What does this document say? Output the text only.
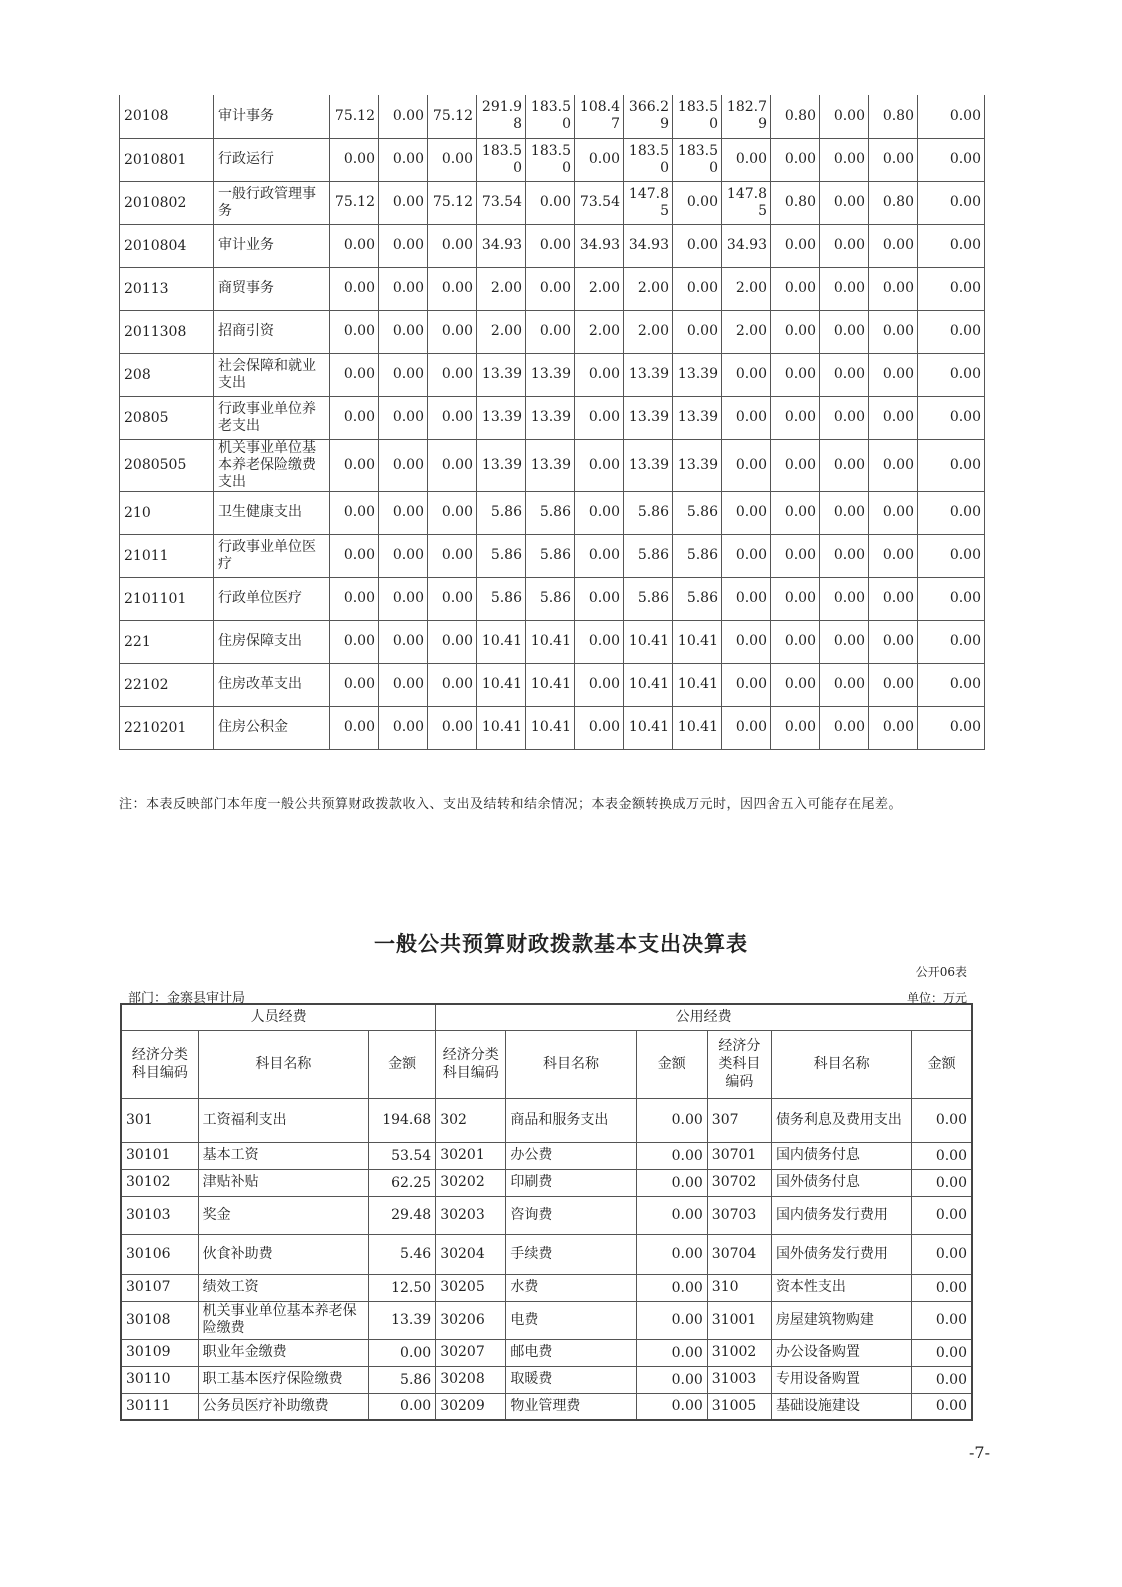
20108	审计事务	75.12	0.00	75.12	291.98	183.50	108.47	366.29	183.50	182.79	0.80	0.00	0.80	0.00
2010801	行政运行	0.00	0.00	0.00	183.50	183.50	0.00	183.50	183.50	0.00	0.00	0.00	0.00	0.00
2010802	一般行政管理事务	75.12	0.00	75.12	73.54	0.00	73.54	147.85	0.00	147.85	0.80	0.00	0.80	0.00
2010804	审计业务	0.00	0.00	0.00	34.93	0.00	34.93	34.93	0.00	34.93	0.00	0.00	0.00	0.00
20113	商贸事务	0.00	0.00	0.00	2.00	0.00	2.00	2.00	0.00	2.00	0.00	0.00	0.00	0.00
2011308	招商引资	0.00	0.00	0.00	2.00	0.00	2.00	2.00	0.00	2.00	0.00	0.00	0.00	0.00
208	社会保障和就业支出	0.00	0.00	0.00	13.39	13.39	0.00	13.39	13.39	0.00	0.00	0.00	0.00	0.00
20805	行政事业单位养老支出	0.00	0.00	0.00	13.39	13.39	0.00	13.39	13.39	0.00	0.00	0.00	0.00	0.00
2080505	机关事业单位基本养老保险缴费支出	0.00	0.00	0.00	13.39	13.39	0.00	13.39	13.39	0.00	0.00	0.00	0.00	0.00
210	卫生健康支出	0.00	0.00	0.00	5.86	5.86	0.00	5.86	5.86	0.00	0.00	0.00	0.00	0.00
21011	行政事业单位医疗	0.00	0.00	0.00	5.86	5.86	0.00	5.86	5.86	0.00	0.00	0.00	0.00	0.00
2101101	行政单位医疗	0.00	0.00	0.00	5.86	5.86	0.00	5.86	5.86	0.00	0.00	0.00	0.00	0.00
221	住房保障支出	0.00	0.00	0.00	10.41	10.41	0.00	10.41	10.41	0.00	0.00	0.00	0.00	0.00
22102	住房改革支出	0.00	0.00	0.00	10.41	10.41	0.00	10.41	10.41	0.00	0.00	0.00	0.00	0.00
2210201	住房公积金	0.00	0.00	0.00	10.41	10.41	0.00	10.41	10.41	0.00	0.00	0.00	0.00	0.00
注：本表反映部门本年度一般公共预算财政拨款收入、支出及结转和结余情况；本表金额转换成万元时，因四舍五入可能存在尾差。
一般公共预算财政拨款基本支出决算表
公开06表
部门：金寨县审计局	单位：万元
人员经费			公用经费					
经济分类科目编码	科目名称	金额	经济分类科目编码	科目名称	金额	经济分类科目编码	科目名称	金额
301	工资福利支出	194.68	302	商品和服务支出	0.00	307	债务利息及费用支出	0.00
30101	基本工资	53.54	30201	办公费	0.00	30701	国内债务付息	0.00
30102	津贴补贴	62.25	30202	印刷费	0.00	30702	国外债务付息	0.00
30103	奖金	29.48	30203	咨询费	0.00	30703	国内债务发行费用	0.00
30106	伙食补助费	5.46	30204	手续费	0.00	30704	国外债务发行费用	0.00
30107	绩效工资	12.50	30205	水费	0.00	310	资本性支出	0.00
30108	机关事业单位基本养老保险缴费	13.39	30206	电费	0.00	31001	房屋建筑物购建	0.00
30109	职业年金缴费	0.00	30207	邮电费	0.00	31002	办公设备购置	0.00
30110	职工基本医疗保险缴费	5.86	30208	取暖费	0.00	31003	专用设备购置	0.00
30111	公务员医疗补助缴费	0.00	30209	物业管理费	0.00	31005	基础设施建设	0.00
-7-
